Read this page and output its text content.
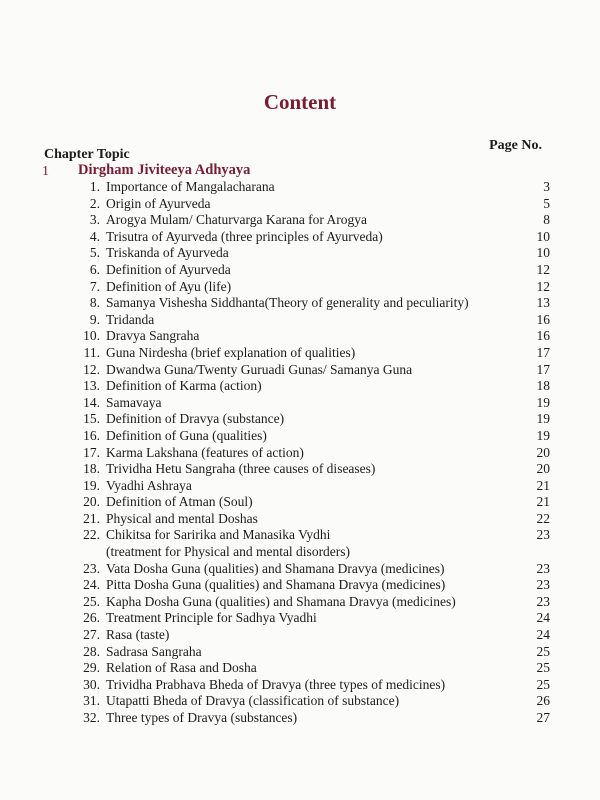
Content
Chapter Topic
Page No.
1 Dirgham Jiviteeya Adhyaya
1. Importance of Mangalacharana	3
2. Origin of Ayurveda	5
3. Arogya Mulam/ Chaturvarga Karana for Arogya	8
4. Trisutra of Ayurveda (three principles of Ayurveda)	10
5. Triskanda of Ayurveda	10
6. Definition of Ayurveda	12
7. Definition of Ayu (life)	12
8. Samanya Vishesha Siddhanta(Theory of generality and peculiarity)	13
9. Tridanda	16
10. Dravya Sangraha	16
11. Guna Nirdesha (brief explanation of qualities)	17
12. Dwandwa Guna/Twenty Guruadi Gunas/ Samanya Guna	17
13. Definition of Karma (action)	18
14. Samavaya	19
15. Definition of Dravya (substance)	19
16. Definition of Guna (qualities)	19
17. Karma Lakshana (features of action)	20
18. Trividha Hetu Sangraha (three causes of diseases)	20
19. Vyadhi Ashraya	21
20. Definition of Atman (Soul)	21
21. Physical and mental Doshas	22
22. Chikitsa for Saririka and Manasika Vydhi	23
(treatment for Physical and mental disorders)
23. Vata Dosha Guna (qualities) and Shamana Dravya (medicines)	23
24. Pitta Dosha Guna (qualities) and Shamana Dravya (medicines)	23
25. Kapha Dosha Guna (qualities) and Shamana Dravya (medicines)	23
26. Treatment Principle for Sadhya Vyadhi	24
27. Rasa (taste)	24
28. Sadrasa Sangraha	25
29. Relation of Rasa and Dosha	25
30. Trividha Prabhava Bheda of Dravya (three types of medicines)	25
31. Utapatti Bheda of Dravya (classification of substance)	26
32. Three types of Dravya (substances)	27
